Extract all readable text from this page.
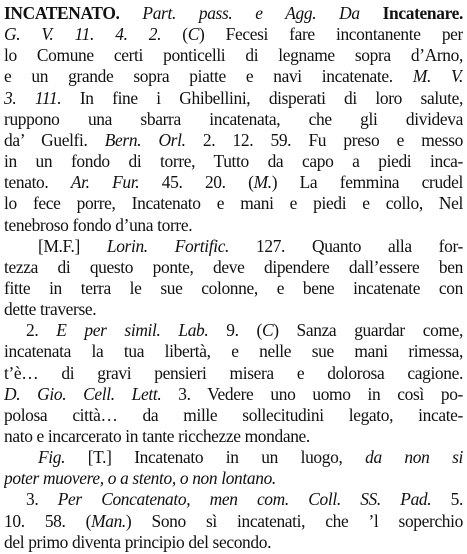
INCATENATO. Part. pass. e Agg. Da Incatenare.
G. V. 11. 4. 2. (C) Fecesi fare incontanente per
lo Comune certi ponticelli di legname sopra d’Arno,
e un grande sopra piatte e navi incatenate. M. V.
3. 111. In fine i Ghibellini, disperati di loro salute,
ruppono una sbarra incatenata, che gli divideva
da’ Guelfi. Bern. Orl. 2. 12. 59. Fu preso e messo
in un fondo di torre, Tutto da capo a piedi inca-
tenato. Ar. Fur. 45. 20. (M.) La femmina crudel
lo fece porre, Incatenato e mani e piedi e collo, Nel
tenebroso fondo d’una torre.
[M.F.] Lorin. Fortific. 127. Quanto alla for-
tezza di questo ponte, deve dipendere dall’essere ben
fitte in terra le sue colonne, e bene incatenate con
dette traverse.
2. E per simil. Lab. 9. (C) Sanza guardar come,
incatenata la tua libertà, e nelle sue mani rimessa,
t’è… di gravi pensieri misera e dolorosa cagione.
D. Gio. Cell. Lett. 3. Vedere uno uomo in così po-
polosa città… da mille sollecitudini legato, incate-
nato e incarcerato in tante ricchezze mondane.
Fig. [T.] Incatenato in un luogo, da non si
poter muovere, o a stento, o non lontano.
3. Per Concatenato, men com. Coll. SS. Pad. 5.
10. 58. (Man.) Sono sì incatenati, che ’l soperchio
del primo diventa principio del secondo.
